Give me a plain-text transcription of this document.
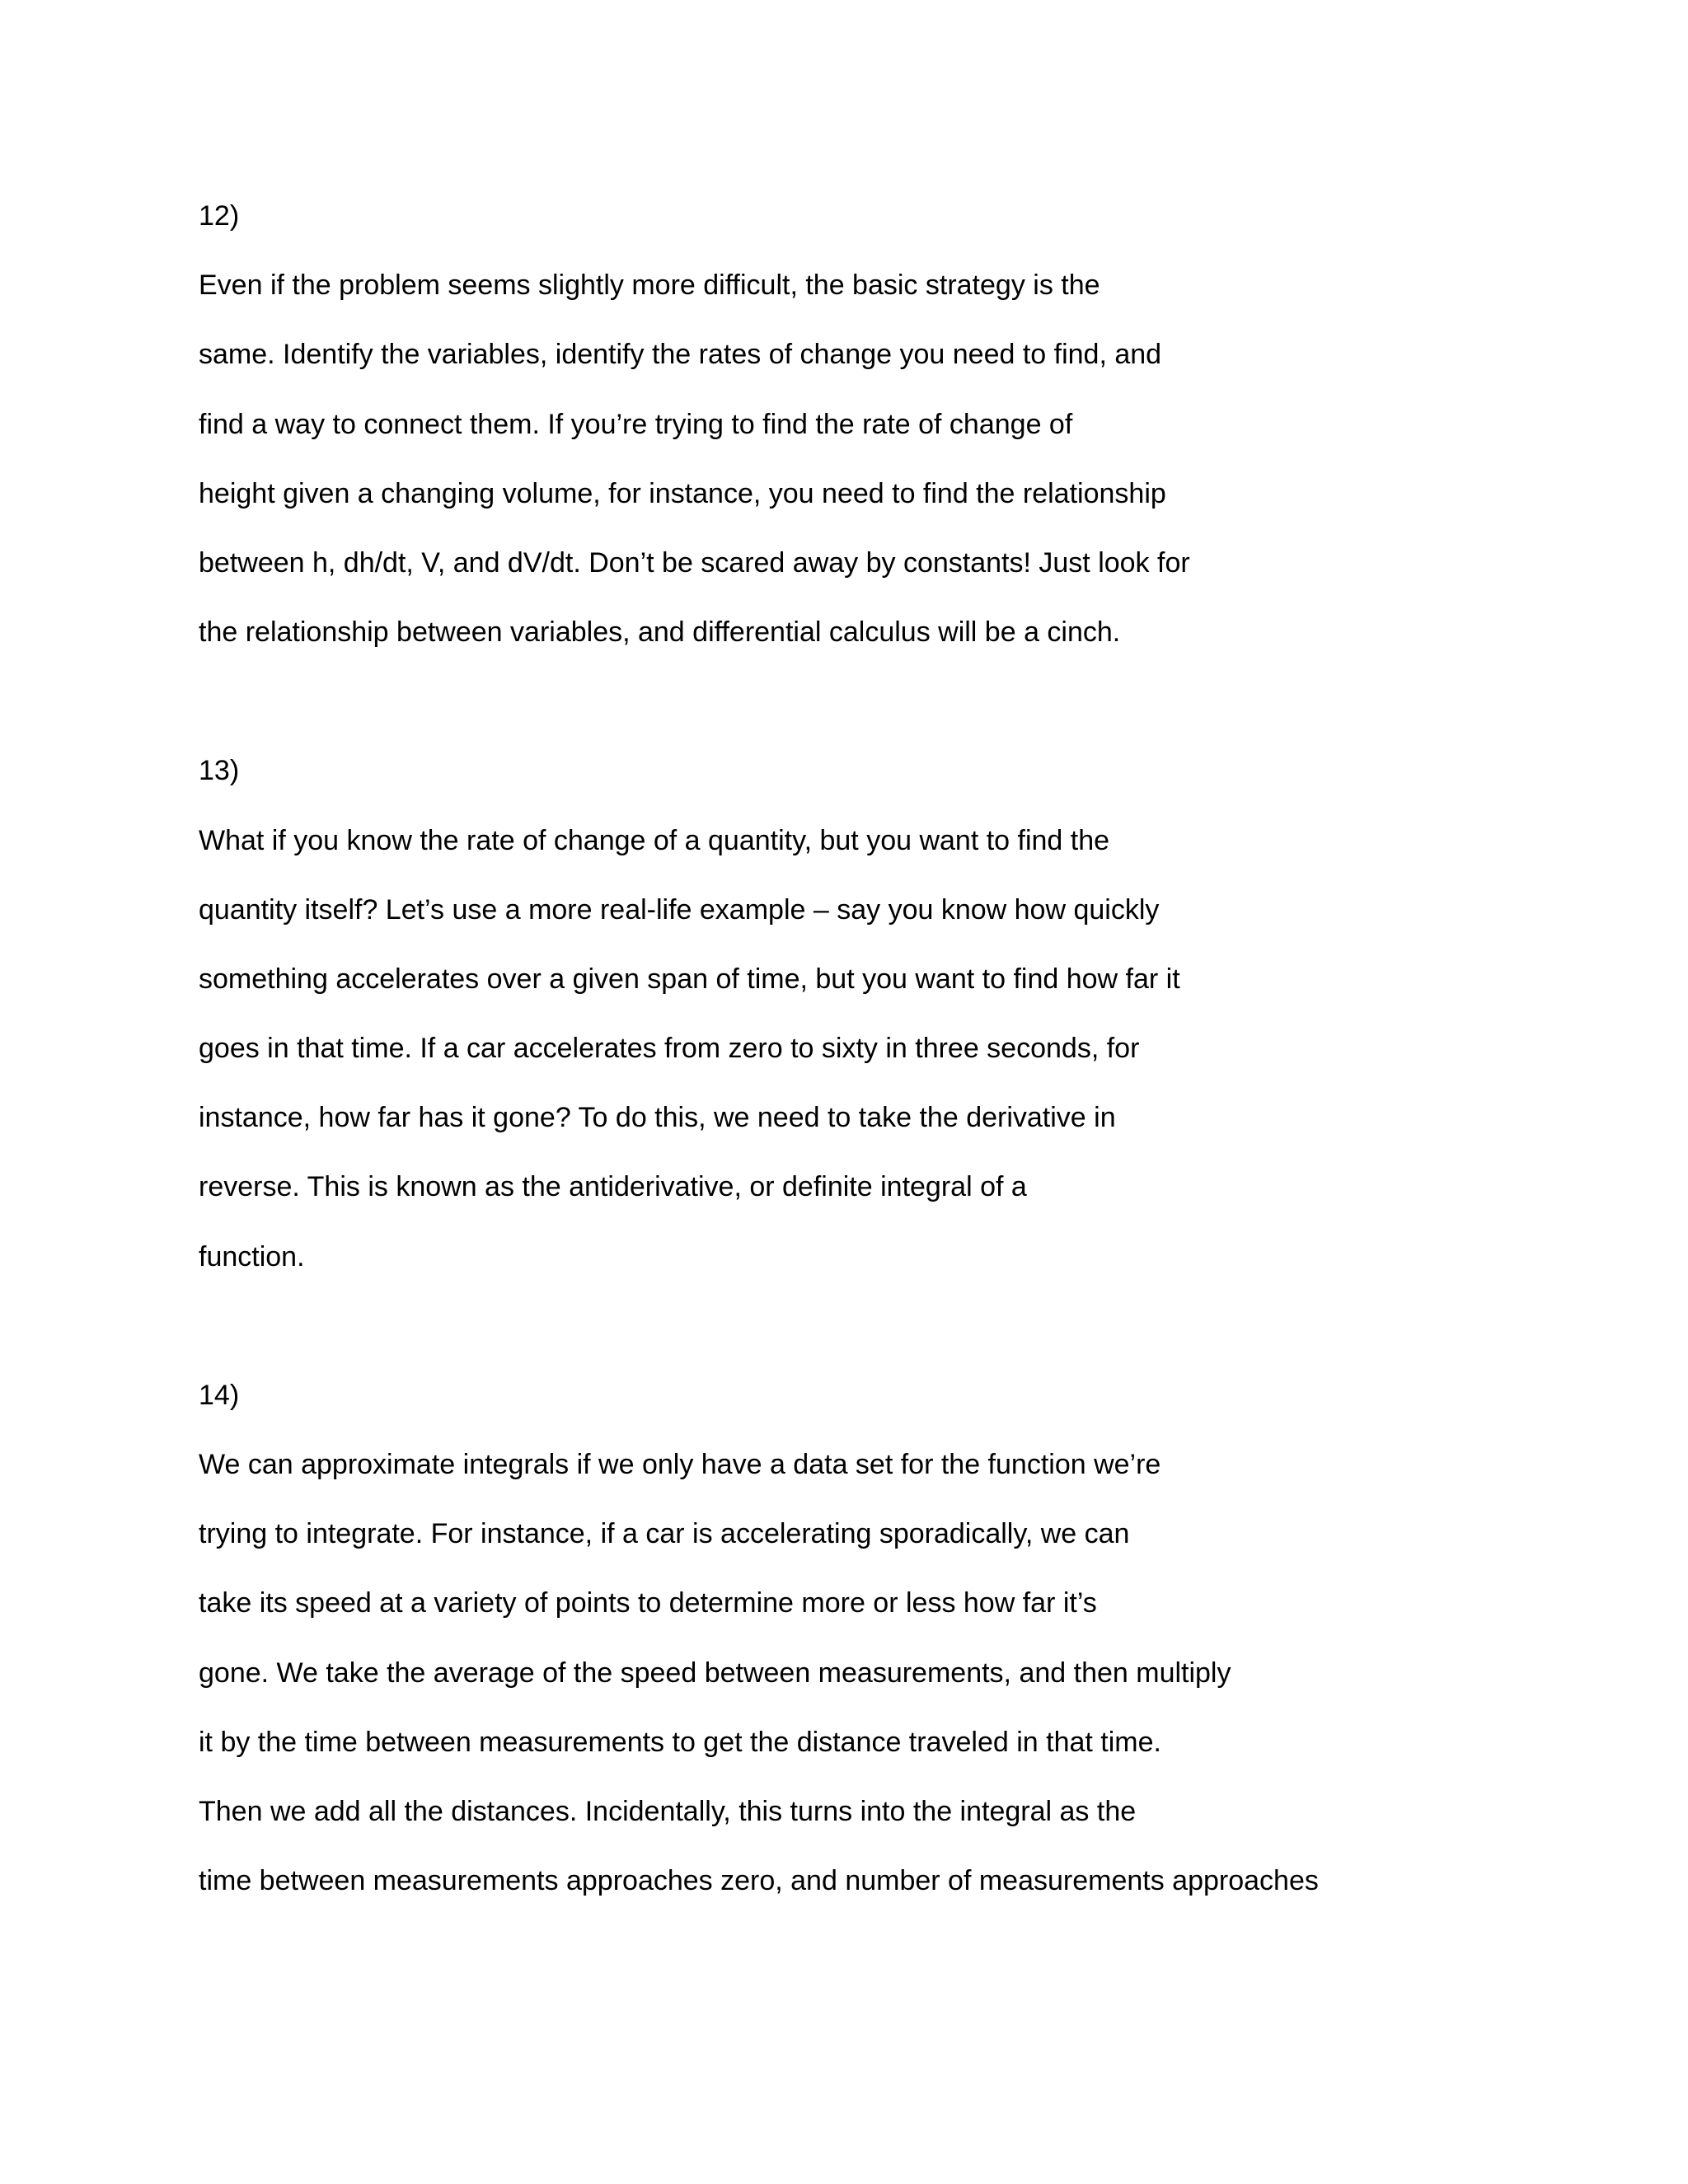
12)
Even if the problem seems slightly more difficult, the basic strategy is the
same. Identify the variables, identify the rates of change you need to find, and
find a way to connect them. If you’re trying to find the rate of change of
height given a changing volume, for instance, you need to find the relationship
between h, dh/dt, V, and dV/dt. Don’t be scared away by constants! Just look for
the relationship between variables, and differential calculus will be a cinch.
13)
What if you know the rate of change of a quantity, but you want to find the
quantity itself? Let’s use a more real-life example – say you know how quickly
something accelerates over a given span of time, but you want to find how far it
goes in that time. If a car accelerates from zero to sixty in three seconds, for
instance, how far has it gone? To do this, we need to take the derivative in
reverse. This is known as the antiderivative, or definite integral of a
function.
14)
We can approximate integrals if we only have a data set for the function we’re
trying to integrate. For instance, if a car is accelerating sporadically, we can
take its speed at a variety of points to determine more or less how far it’s
gone. We take the average of the speed between measurements, and then multiply
it by the time between measurements to get the distance traveled in that time.
Then we add all the distances. Incidentally, this turns into the integral as the
time between measurements approaches zero, and number of measurements approaches
